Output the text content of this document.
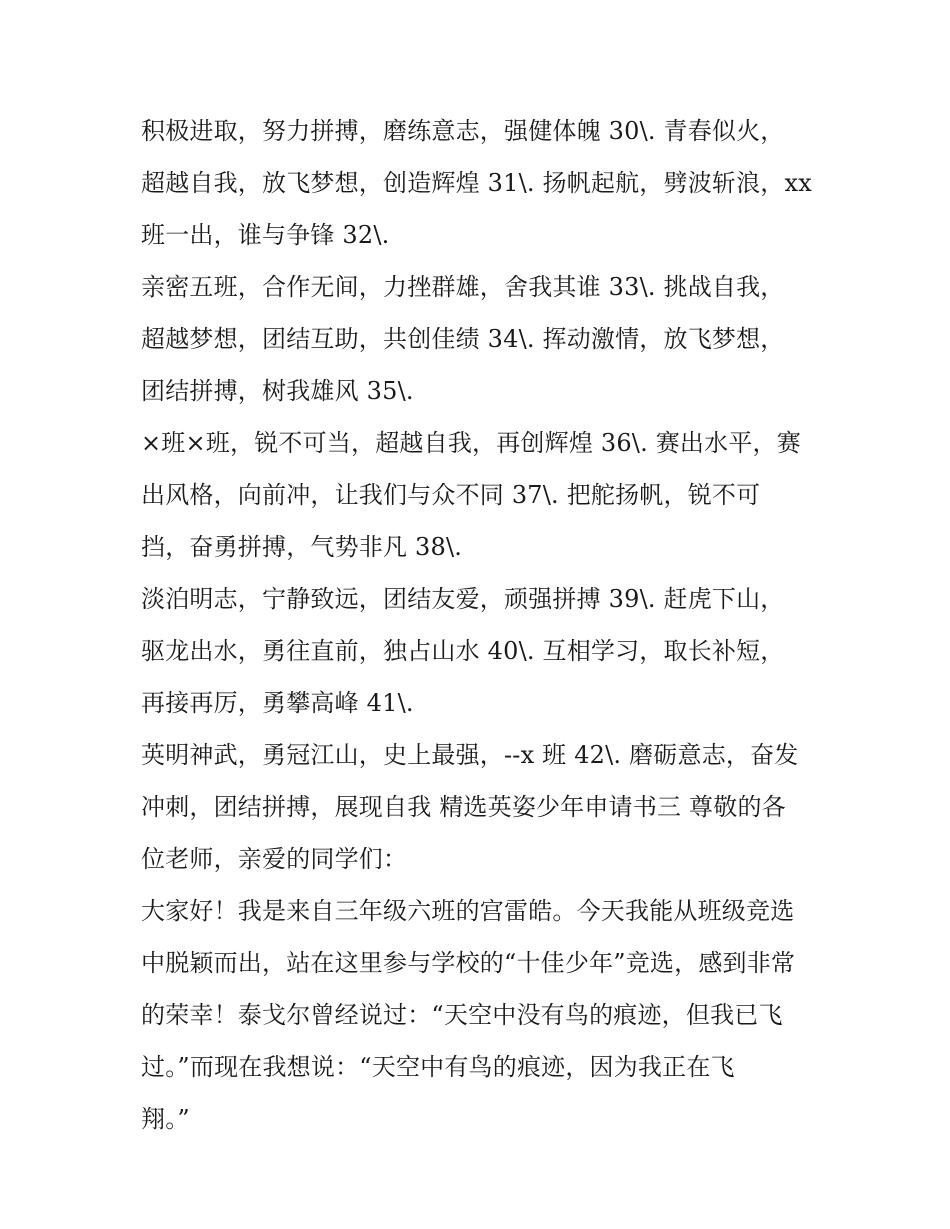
积极进取，努力拼搏，磨练意志，强健体魄 30\. 青春似火，
超越自我，放飞梦想，创造辉煌 31\. 扬帆起航，劈波斩浪，xx
班一出，谁与争锋 32\.
亲密五班，合作无间，力挫群雄，舍我其谁 33\. 挑战自我，
超越梦想，团结互助，共创佳绩 34\. 挥动激情，放飞梦想，
团结拼搏，树我雄风 35\.
×班×班，锐不可当，超越自我，再创辉煌 36\. 赛出水平，赛
出风格，向前冲，让我们与众不同 37\. 把舵扬帆，锐不可
挡，奋勇拼搏，气势非凡 38\.
淡泊明志，宁静致远，团结友爱，顽强拼搏 39\. 赶虎下山，
驱龙出水，勇往直前，独占山水 40\. 互相学习，取长补短，
再接再厉，勇攀高峰 41\.
英明神武，勇冠江山，史上最强，--x 班 42\. 磨砺意志，奋发
冲刺，团结拼搏，展现自我 精选英姿少年申请书三 尊敬的各
位老师，亲爱的同学们：
大家好！我是来自三年级六班的宫雷皓。今天我能从班级竞选
中脱颖而出，站在这里参与学校的“十佳少年”竞选，感到非常
的荣幸！泰戈尔曾经说过：“天空中没有鸟的痕迹，但我已飞
过。”而现在我想说：“天空中有鸟的痕迹，因为我正在飞
翔。”
